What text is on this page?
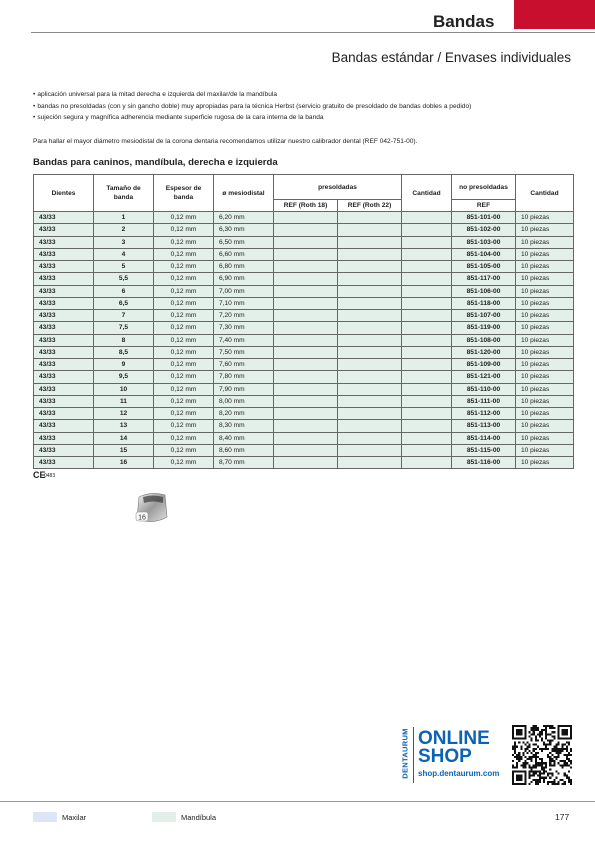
Bandas
Bandas estándar / Envases individuales
• aplicación universal para la mitad derecha e izquierda del maxilar/de la mandíbula
• bandas no presoldadas (con y sin gancho doble) muy apropiadas para la técnica Herbst (servicio gratuito de presoldado de bandas dobles a pedido)
• sujeción segura y magnífica adherencia mediante superficie rugosa de la cara interna de la banda
Para hallar el mayor diámetro mesiodistal de la corona dentaria recomendamos utilizar nuestro calibrador dental (REF 042-751-00).
Bandas para caninos, mandíbula, derecha e izquierda
Dientes	Tamaño de banda	Espesor de banda	ø mesiodistal	presoldadas		Cantidad	no presoldadas	Cantidad
				REF (Roth 18)	REF (Roth 22)		REF	
43/33	1	0,12 mm	6,20 mm				851-101-00	10 piezas
43/33	2	0,12 mm	6,30 mm				851-102-00	10 piezas
43/33	3	0,12 mm	6,50 mm				851-103-00	10 piezas
43/33	4	0,12 mm	6,60 mm				851-104-00	10 piezas
43/33	5	0,12 mm	6,80 mm				851-105-00	10 piezas
43/33	5,5	0,12 mm	6,90 mm				851-117-00	10 piezas
43/33	6	0,12 mm	7,00 mm				851-106-00	10 piezas
43/33	6,5	0,12 mm	7,10 mm				851-118-00	10 piezas
43/33	7	0,12 mm	7,20 mm				851-107-00	10 piezas
43/33	7,5	0,12 mm	7,30 mm				851-119-00	10 piezas
43/33	8	0,12 mm	7,40 mm				851-108-00	10 piezas
43/33	8,5	0,12 mm	7,50 mm				851-120-00	10 piezas
43/33	9	0,12 mm	7,60 mm				851-109-00	10 piezas
43/33	9,5	0,12 mm	7,80 mm				851-121-00	10 piezas
43/33	10	0,12 mm	7,90 mm				851-110-00	10 piezas
43/33	11	0,12 mm	8,00 mm				851-111-00	10 piezas
43/33	12	0,12 mm	8,20 mm				851-112-00	10 piezas
43/33	13	0,12 mm	8,30 mm				851-113-00	10 piezas
43/33	14	0,12 mm	8,40 mm				851-114-00	10 piezas
43/33	15	0,12 mm	8,60 mm				851-115-00	10 piezas
43/33	16	0,12 mm	8,70 mm				851-116-00	10 piezas
CE
0483
16
DENTAURUM ONLINE
SHOP
shop.dentaurum.com
Maxilar	Mandíbula	177
